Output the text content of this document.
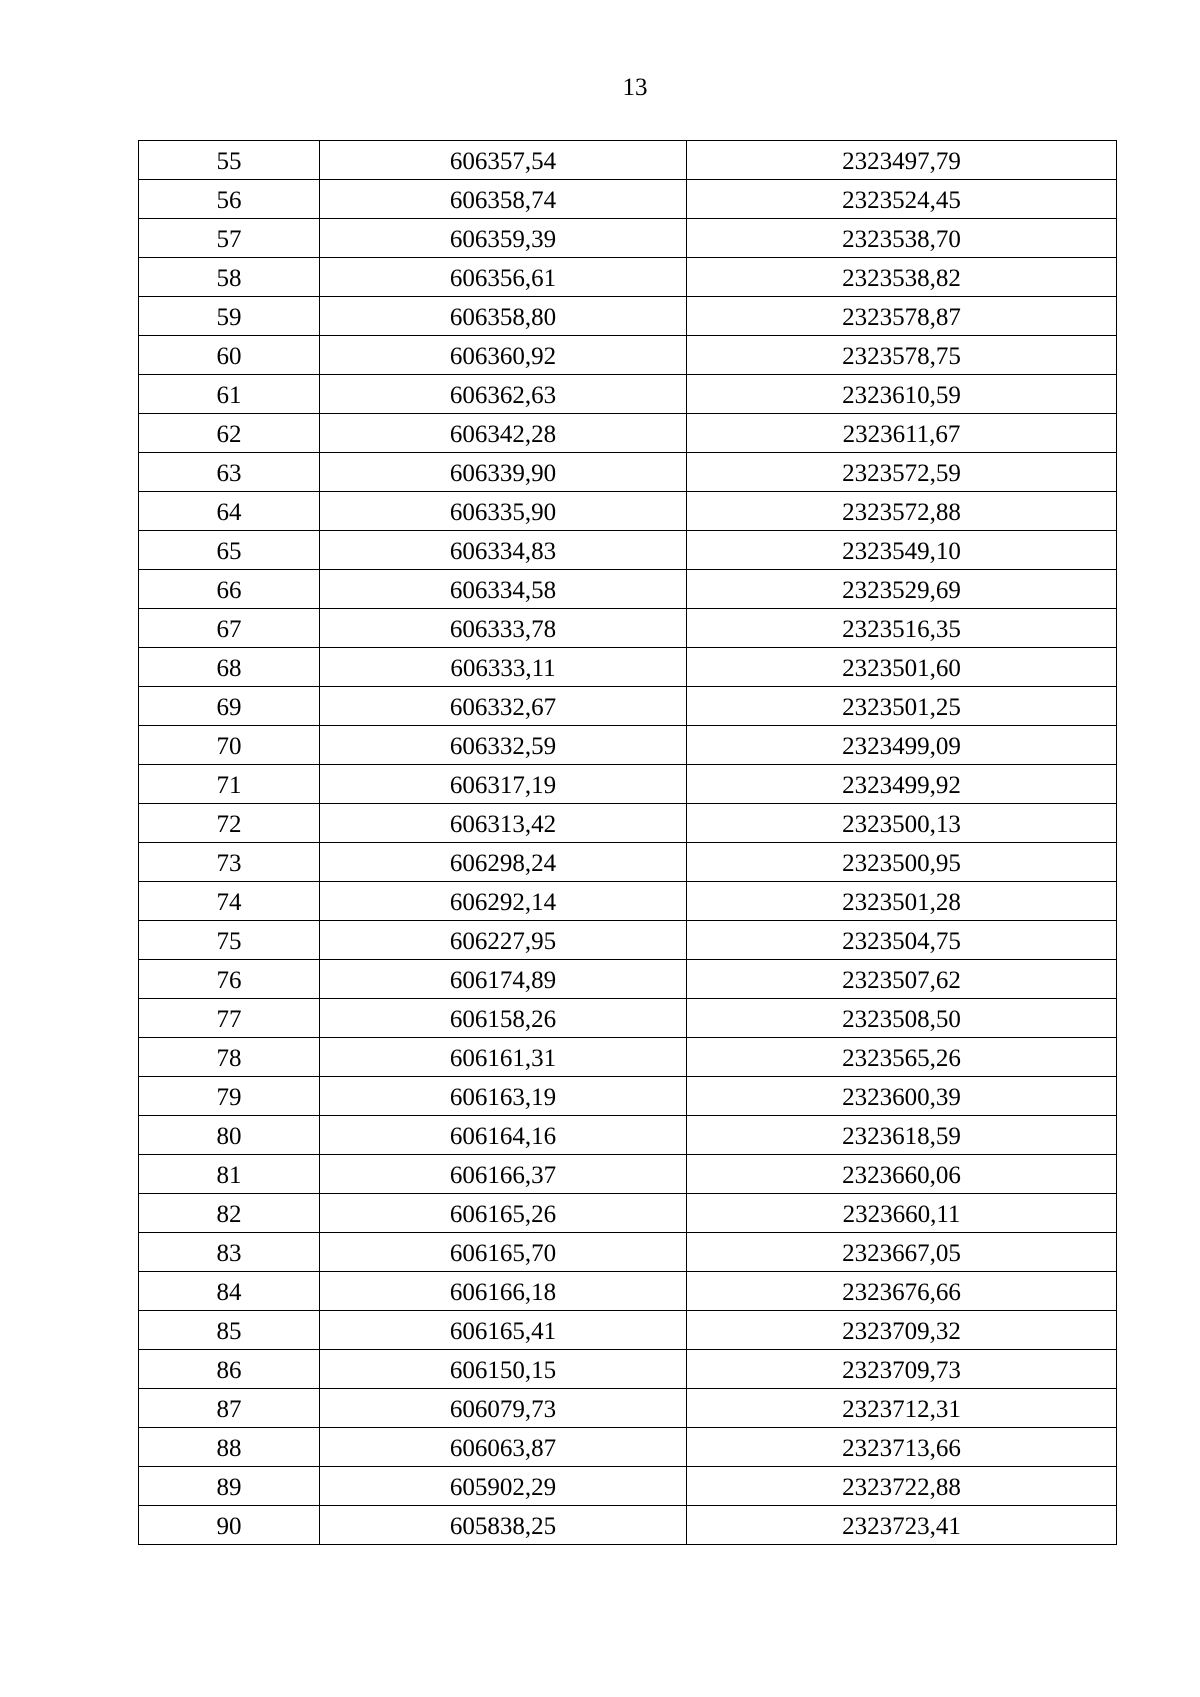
13
55	606357,54	2323497,79
56	606358,74	2323524,45
57	606359,39	2323538,70
58	606356,61	2323538,82
59	606358,80	2323578,87
60	606360,92	2323578,75
61	606362,63	2323610,59
62	606342,28	2323611,67
63	606339,90	2323572,59
64	606335,90	2323572,88
65	606334,83	2323549,10
66	606334,58	2323529,69
67	606333,78	2323516,35
68	606333,11	2323501,60
69	606332,67	2323501,25
70	606332,59	2323499,09
71	606317,19	2323499,92
72	606313,42	2323500,13
73	606298,24	2323500,95
74	606292,14	2323501,28
75	606227,95	2323504,75
76	606174,89	2323507,62
77	606158,26	2323508,50
78	606161,31	2323565,26
79	606163,19	2323600,39
80	606164,16	2323618,59
81	606166,37	2323660,06
82	606165,26	2323660,11
83	606165,70	2323667,05
84	606166,18	2323676,66
85	606165,41	2323709,32
86	606150,15	2323709,73
87	606079,73	2323712,31
88	606063,87	2323713,66
89	605902,29	2323722,88
90	605838,25	2323723,41
